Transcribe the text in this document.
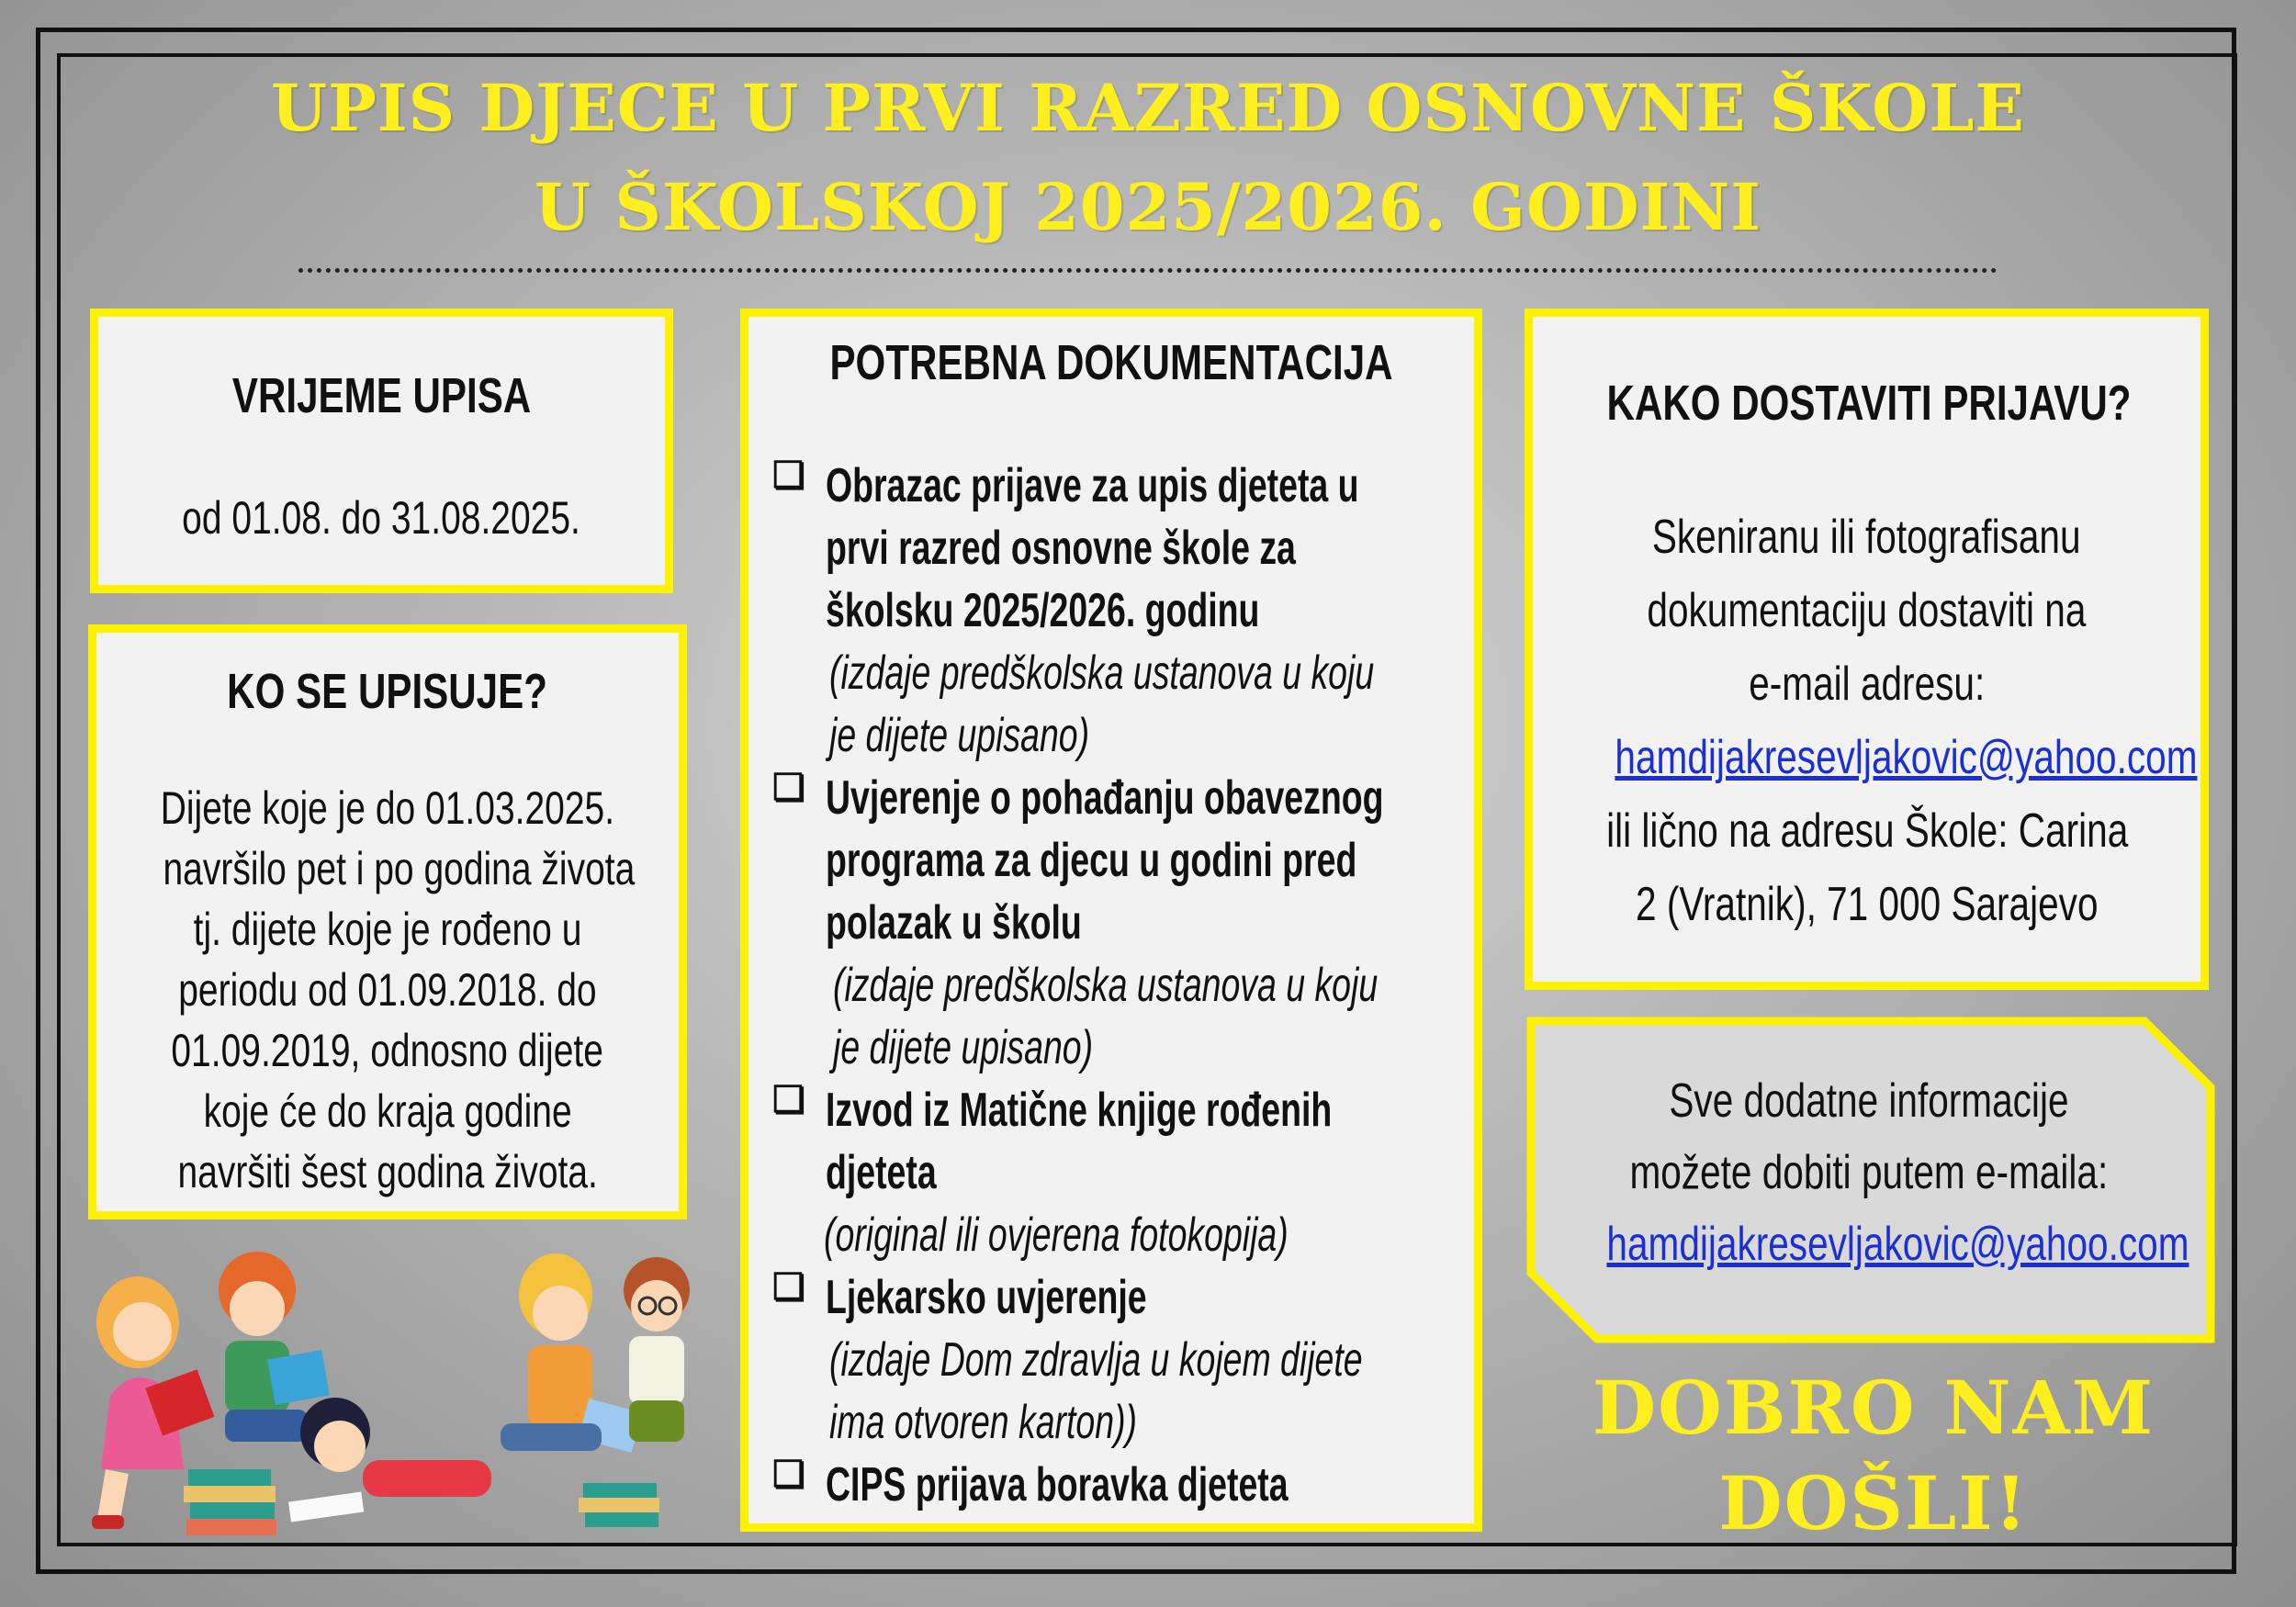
UPIS DJECE U PRVI RAZRED OSNOVNE ŠKOLE
U ŠKOLSKOJ 2025/2026. GODINI
VRIJEME UPISA
od 01.08. do 31.08.2025.
KO SE UPISUJE?
Dijete koje je do 01.03.2025.
navršilo pet i po godina života
tj. dijete koje je rođeno u
periodu od 01.09.2018. do
01.09.2019, odnosno dijete
koje će do kraja godine
navršiti šest godina života.
POTREBNA DOKUMENTACIJA
❏ Obrazac prijave za upis djeteta u
prvi razred osnovne škole za
školsku 2025/2026. godinu
(izdaje predškolska ustanova u koju
je dijete upisano)
❏ Uvjerenje o pohađanju obaveznog
programa za djecu u godini pred
polazak u školu
(izdaje predškolska ustanova u koju
je dijete upisano)
❏ Izvod iz Matične knjige rođenih
djeteta
(original ili ovjerena fotokopija)
❏ Ljekarsko uvjerenje
(izdaje Dom zdravlja u kojem dijete
ima otvoren karton))
❏ CIPS prijava boravka djeteta
KAKO DOSTAVITI PRIJAVU?
Skeniranu ili fotografisanu
dokumentaciju dostaviti na
e-mail adresu:
hamdijakresevljakovic@yahoo.com
ili lično na adresu Škole: Carina
2 (Vratnik), 71 000 Sarajevo
Sve dodatne informacije
možete dobiti putem e-maila:
hamdijakresevljakovic@yahoo.com
DOBRO NAM
DOŠLI!
